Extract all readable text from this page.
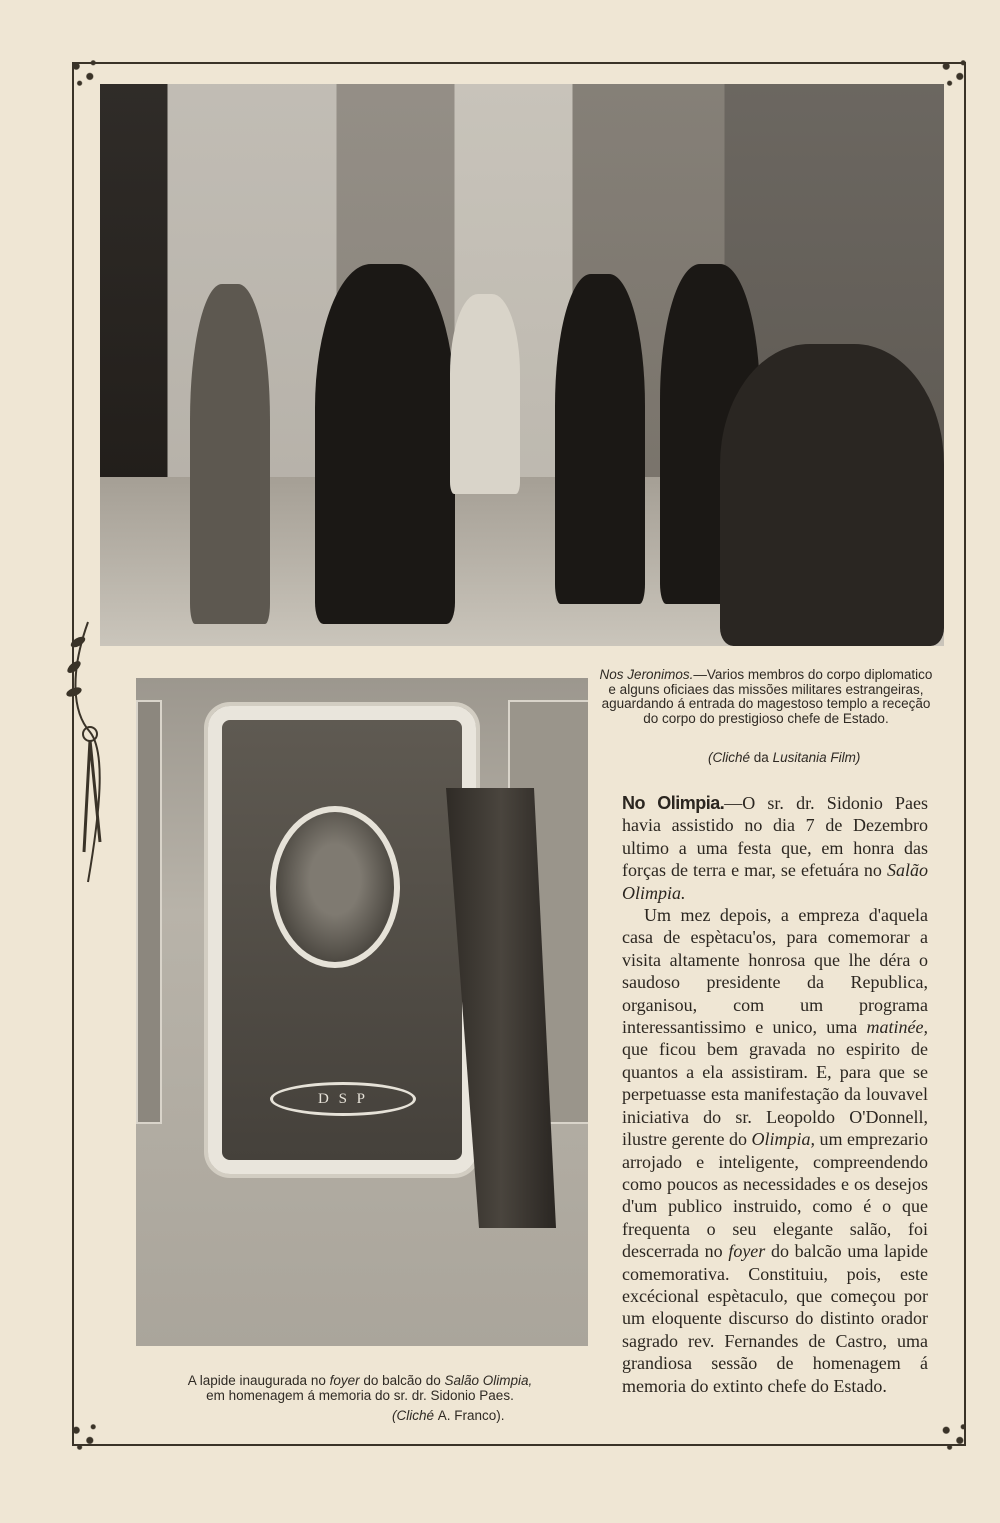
Nos Jeronimos.—Varios membros do corpo diplomatico e alguns oficiaes das missões militares estrangeiras, aguardando á entrada do magestoso templo a receção do corpo do prestigioso chefe de Estado.
(Cliché da Lusitania Film)
D S P
A lapide inaugurada no foyer do balcão do Salão Olimpia,
em homenagem á memoria do sr. dr. Sidonio Paes.
(Cliché A. Franco).

No Olimpia.—O sr. dr. Sidonio Paes havia assistido no dia 7 de Dezembro ultimo a uma festa que, em honra das forças de terra e mar, se efetuára no Salão Olimpia.

Um mez depois, a empreza d'aquela casa de espètacu'os, para comemorar a visita altamente honrosa que lhe déra o saudoso presidente da Republica, organisou, com um programa interessantissimo e unico, uma matinée, que ficou bem gravada no espirito de quantos a ela assistiram. E, para que se perpetuasse esta manifestação da louvavel iniciativa do sr. Leopoldo O'Donnell, ilustre gerente do Olimpia, um emprezario arrojado e inteligente, compreendendo como poucos as necessidades e os desejos d'um publico instruido, como é o que frequenta o seu elegante salão, foi descerrada no foyer do balcão uma lapide comemorativa. Constituiu, pois, este excécional espètaculo, que começou por um eloquente discurso do distinto orador sagrado rev. Fernandes de Castro, uma grandiosa sessão de homenagem á memoria do extinto chefe do Estado.
